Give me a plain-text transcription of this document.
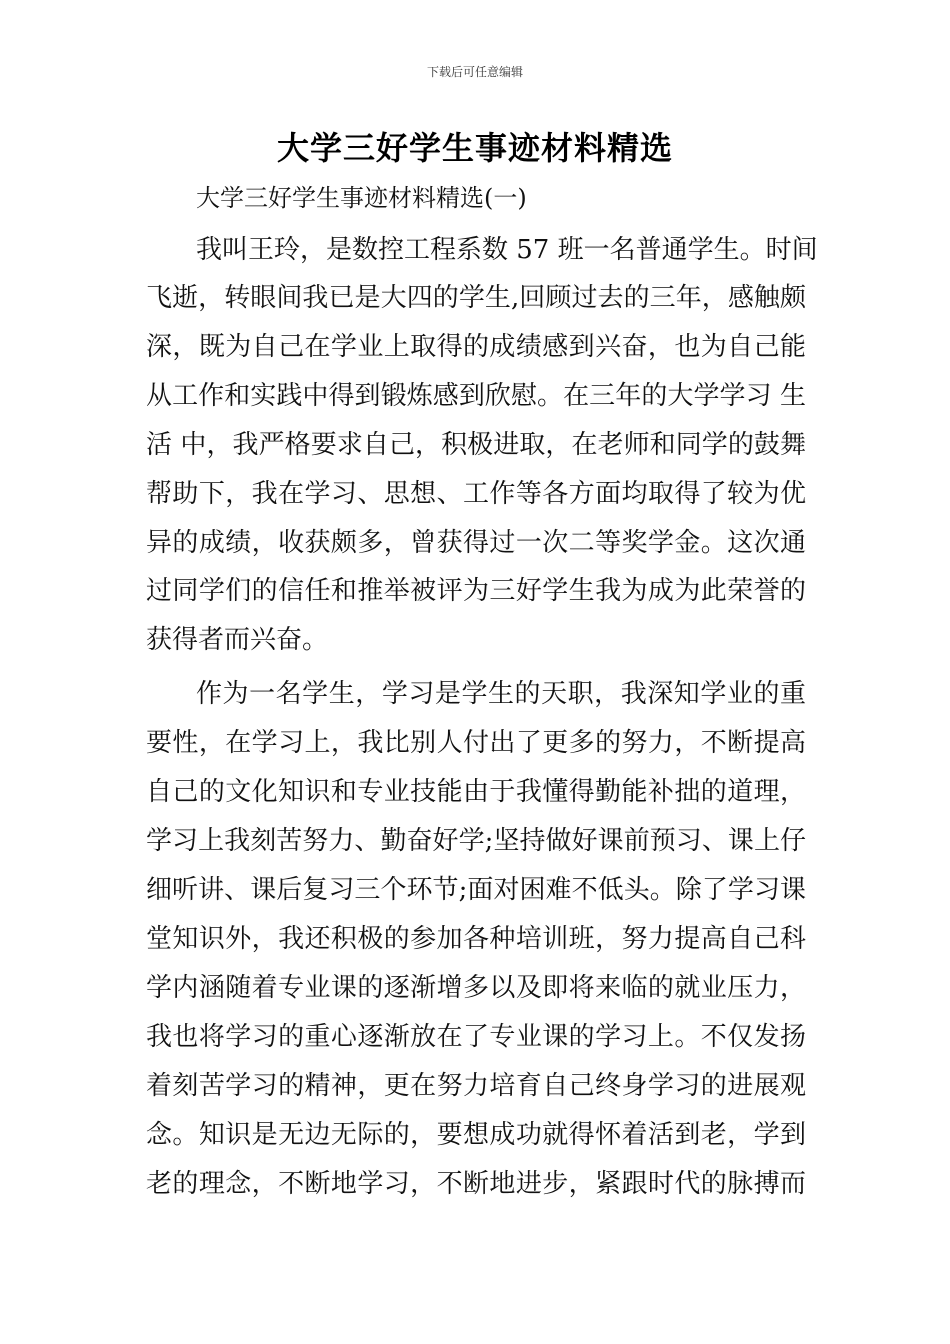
下载后可任意编辑
大学三好学生事迹材料精选
大学三好学生事迹材料精选(一)
我叫王玲，是数控工程系数 57 班一名普通学生。时间
飞逝，转眼间我已是大四的学生,回顾过去的三年，感触颇
深，既为自己在学业上取得的成绩感到兴奋，也为自己能
从工作和实践中得到锻炼感到欣慰。在三年的大学学习 生
活 中，我严格要求自己，积极进取，在老师和同学的鼓舞
帮助下，我在学习、思想、工作等各方面均取得了较为优
异的成绩，收获颇多，曾获得过一次二等奖学金。这次通
过同学们的信任和推举被评为三好学生我为成为此荣誉的
获得者而兴奋。
作为一名学生，学习是学生的天职，我深知学业的重
要性，在学习上，我比别人付出了更多的努力，不断提高
自己的文化知识和专业技能由于我懂得勤能补拙的道理，
学习上我刻苦努力、勤奋好学;坚持做好课前预习、课上仔
细听讲、课后复习三个环节;面对困难不低头。除了学习课
堂知识外，我还积极的参加各种培训班，努力提高自己科
学内涵随着专业课的逐渐增多以及即将来临的就业压力，
我也将学习的重心逐渐放在了专业课的学习上。不仅发扬
着刻苦学习的精神，更在努力培育自己终身学习的进展观
念。知识是无边无际的，要想成功就得怀着活到老，学到
老的理念，不断地学习，不断地进步，紧跟时代的脉搏而
